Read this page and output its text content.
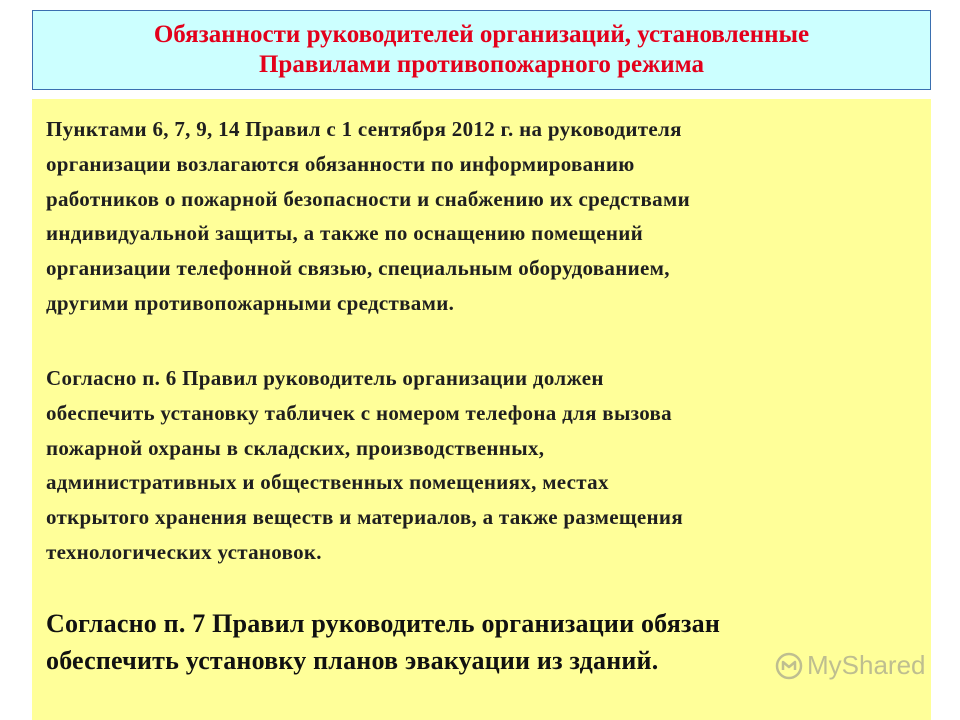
Обязанности руководителей организаций, установленные
Правилами противопожарного режима
Пунктами 6, 7, 9, 14 Правил с 1 сентября 2012 г. на руководителя
организации возлагаются обязанности по информированию
работников о пожарной безопасности и снабжению их средствами
индивидуальной защиты, а также по оснащению помещений
организации телефонной связью, специальным оборудованием,
другими противопожарными средствами.
Согласно п. 6 Правил руководитель организации должен
обеспечить установку табличек с номером телефона для вызова
пожарной охраны в складских, производственных,
административных и общественных помещениях, местах
открытого хранения веществ и материалов, а также размещения
технологических установок.
Согласно п. 7 Правил руководитель организации обязан
обеспечить установку планов эвакуации из зданий.	MyShared
